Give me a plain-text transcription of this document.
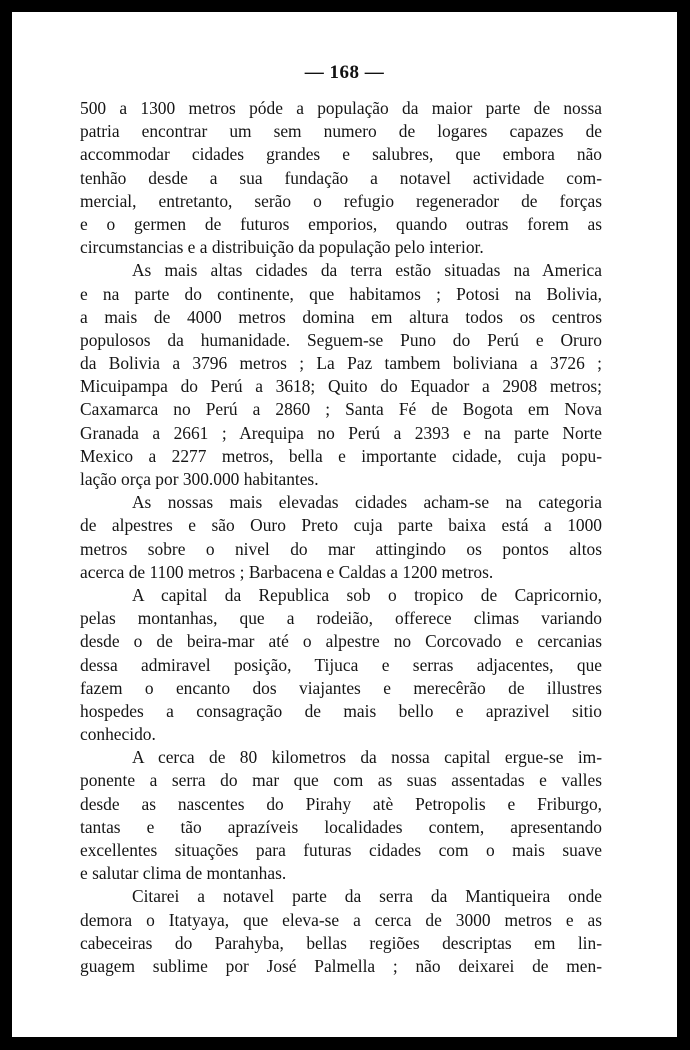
— 168 —
500 a 1300 metros póde a população da maior parte de nossa
patria encontrar um sem numero de logares capazes de
accommodar cidades grandes e salubres, que embora não
tenhão desde a sua fundação a notavel actividade com-
mercial, entretanto, serão o refugio regenerador de forças
e o germen de futuros emporios, quando outras forem as
circumstancias e a distribuição da população pelo interior.
As mais altas cidades da terra estão situadas na America
e na parte do continente, que habitamos ; Potosi na Bolivia,
a mais de 4000 metros domina em altura todos os centros
populosos da humanidade. Seguem-se Puno do Perú e Oruro
da Bolivia a 3796 metros ; La Paz tambem boliviana a 3726 ;
Micuipampa do Perú a 3618; Quito do Equador a 2908 metros;
Caxamarca no Perú a 2860 ; Santa Fé de Bogota em Nova
Granada a 2661 ; Arequipa no Perú a 2393 e na parte Norte
Mexico a 2277 metros, bella e importante cidade, cuja popu-
lação orça por 300.000 habitantes.
As nossas mais elevadas cidades acham-se na categoria
de alpestres e são Ouro Preto cuja parte baixa está a 1000
metros sobre o nivel do mar attingindo os pontos altos
acerca de 1100 metros ; Barbacena e Caldas a 1200 metros.
A capital da Republica sob o tropico de Capricornio,
pelas montanhas, que a rodeião, offerece climas variando
desde o de beira-mar até o alpestre no Corcovado e cercanias
dessa admiravel posição, Tijuca e serras adjacentes, que
fazem o encanto dos viajantes e merecêrão de illustres
hospedes a consagração de mais bello e aprazivel sitio
conhecido.
A cerca de 80 kilometros da nossa capital ergue-se im-
ponente a serra do mar que com as suas assentadas e valles
desde as nascentes do Pirahy atè Petropolis e Friburgo,
tantas e tão aprazíveis localidades contem, apresentando
excellentes situações para futuras cidades com o mais suave
e salutar clima de montanhas.
Citarei a notavel parte da serra da Mantiqueira onde
demora o Itatyaya, que eleva-se a cerca de 3000 metros e as
cabeceiras do Parahyba, bellas regiões descriptas em lin-
guagem sublime por José Palmella ; não deixarei de men-
